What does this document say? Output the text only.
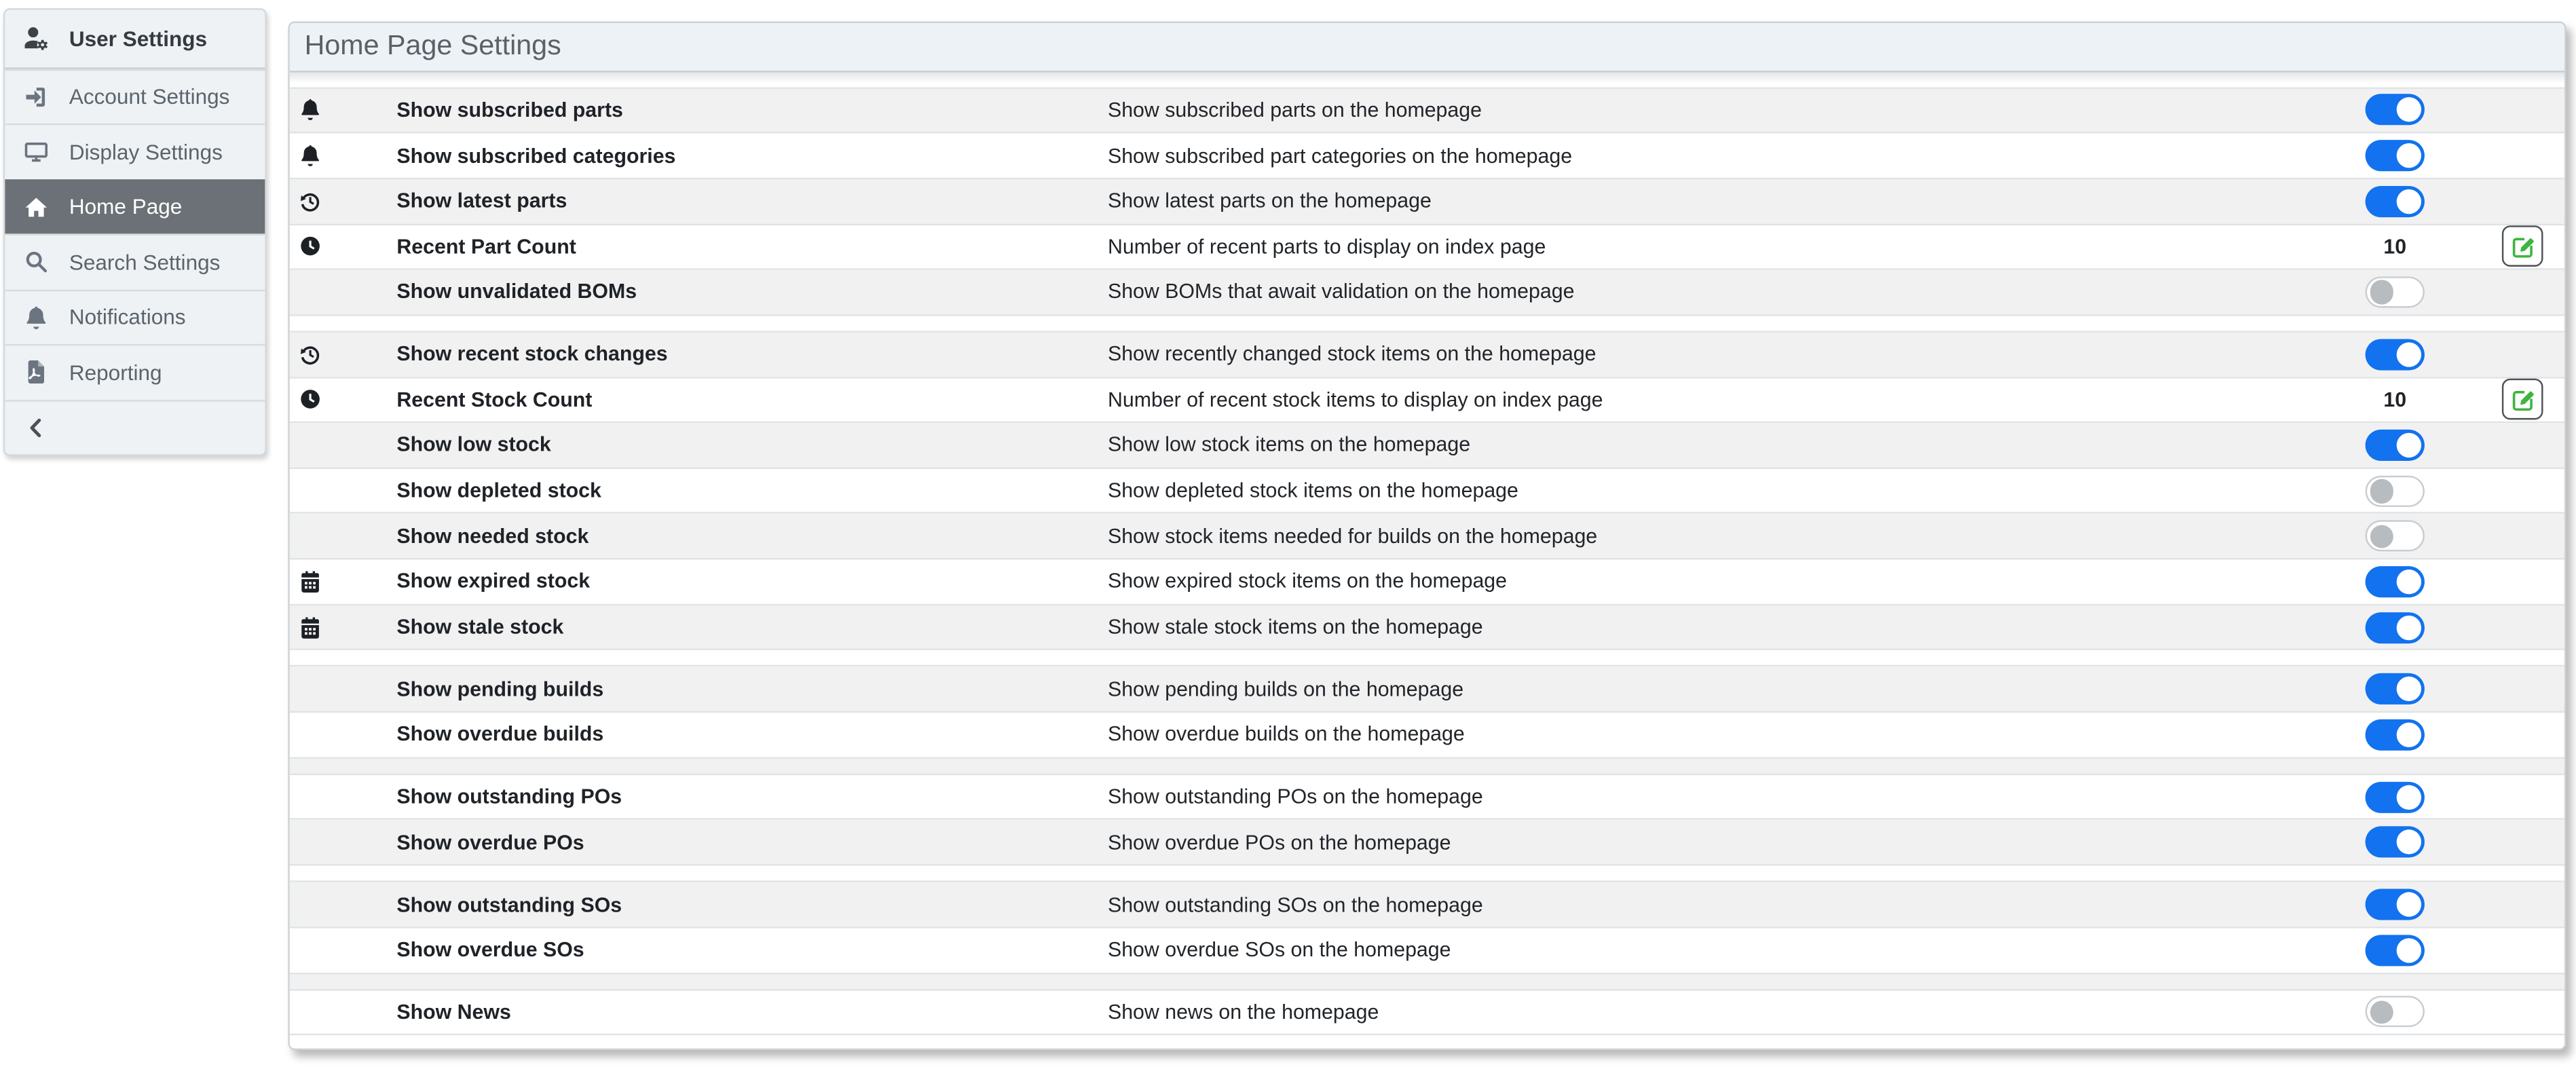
User Settings
Account Settings
Display Settings
Home Page
Search Settings
Notifications
Reporting
Home Page Settings
Show subscribed parts	Show subscribed parts on the homepage
Show subscribed categories	Show subscribed part categories on the homepage
Show latest parts	Show latest parts on the homepage
Recent Part Count	Number of recent parts to display on index page	10
Show unvalidated BOMs	Show BOMs that await validation on the homepage
Show recent stock changes	Show recently changed stock items on the homepage
Recent Stock Count	Number of recent stock items to display on index page	10
Show low stock	Show low stock items on the homepage
Show depleted stock	Show depleted stock items on the homepage
Show needed stock	Show stock items needed for builds on the homepage
Show expired stock	Show expired stock items on the homepage
Show stale stock	Show stale stock items on the homepage
Show pending builds	Show pending builds on the homepage
Show overdue builds	Show overdue builds on the homepage
Show outstanding POs	Show outstanding POs on the homepage
Show overdue POs	Show overdue POs on the homepage
Show outstanding SOs	Show outstanding SOs on the homepage
Show overdue SOs	Show overdue SOs on the homepage
Show News	Show news on the homepage
